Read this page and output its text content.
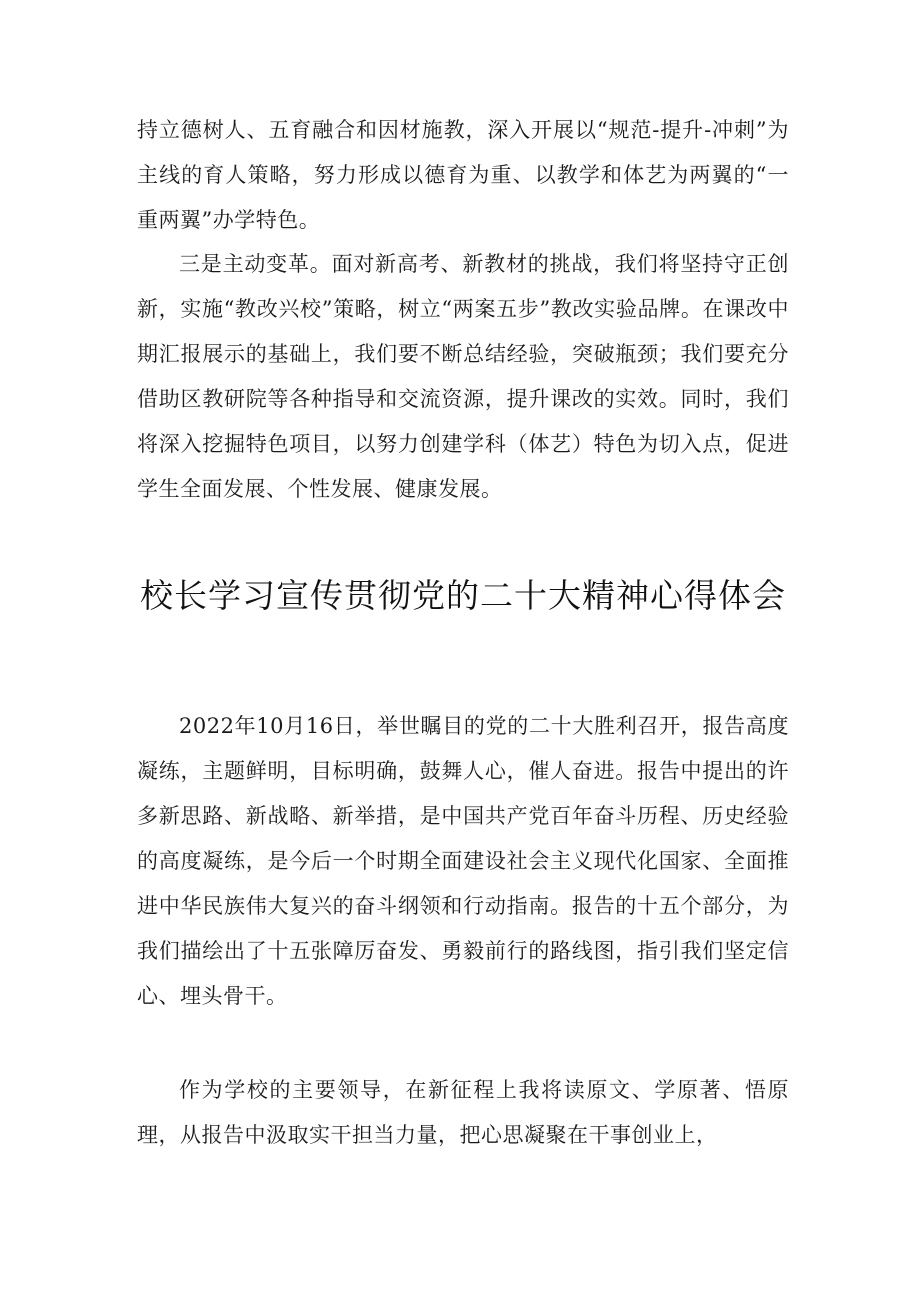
持立德树人、五育融合和因材施教，深入开展以“规范-提升-冲刺”为主线的育人策略，努力形成以德育为重、以教学和体艺为两翼的“一重两翼”办学特色。

三是主动变革。面对新高考、新教材的挑战，我们将坚持守正创新，实施“教改兴校”策略，树立“两案五步”教改实验品牌。在课改中期汇报展示的基础上，我们要不断总结经验，突破瓶颈；我们要充分借助区教研院等各种指导和交流资源，提升课改的实效。同时，我们将深入挖掘特色项目，以努力创建学科（体艺）特色为切入点，促进学生全面发展、个性发展、健康发展。

校长学习宣传贯彻党的二十大精神心得体会

2022年10月16日，举世瞩目的党的二十大胜利召开，报告高度凝练，主题鲜明，目标明确，鼓舞人心，催人奋进。报告中提出的许多新思路、新战略、新举措，是中国共产党百年奋斗历程、历史经验的高度凝练，是今后一个时期全面建设社会主义现代化国家、全面推进中华民族伟大复兴的奋斗纲领和行动指南。报告的十五个部分，为我们描绘出了十五张障厉奋发、勇毅前行的路线图，指引我们坚定信心、埋头骨干。

作为学校的主要领导，在新征程上我将读原文、学原著、悟原理，从报告中汲取实干担当力量，把心思凝聚在干事创业上，
